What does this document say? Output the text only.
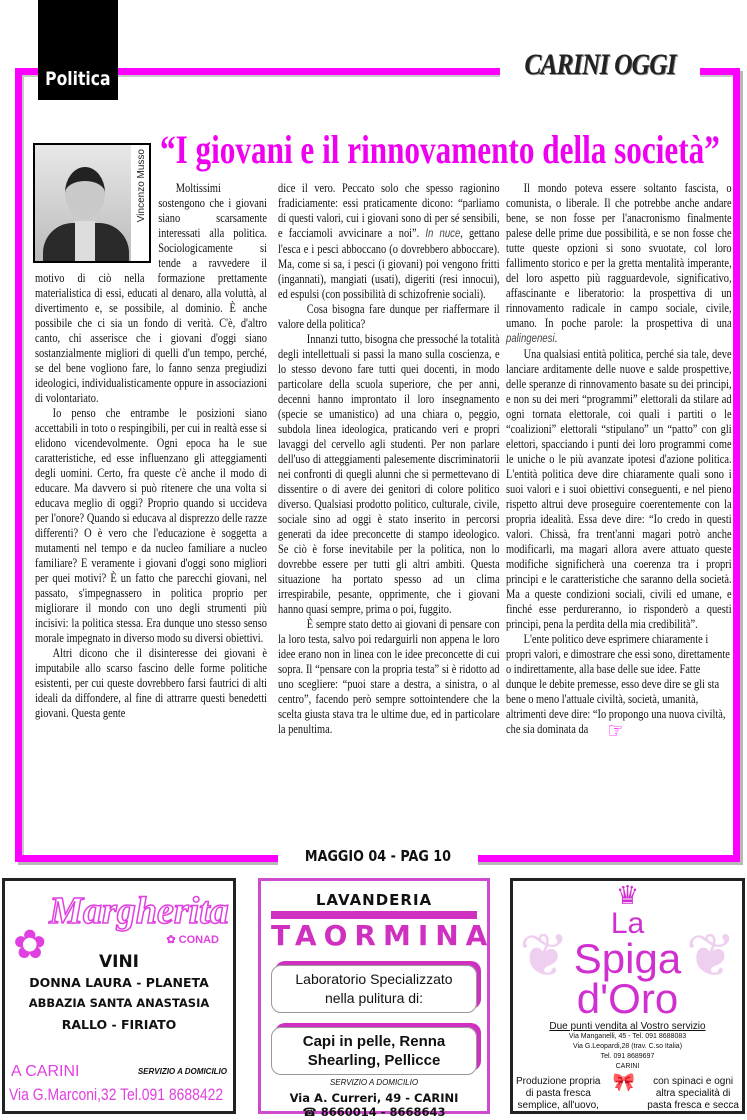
Politica	CARINI OGGI
“I giovani e il rinnovamento della società”
Vincenzo Musso	Moltissimi sostengono che i giovani siano scarsamente interessati alla politica. Sociologicamente si tende a ravvedere il motivo di ciò nella formazione prettamente materialistica di essi, educati al denaro, alla voluttà, al divertimento e, se possibile, al dominio. È anche possibile che ci sia un fondo di verità. C'è, d'altro canto, chi asserisce che i giovani d'oggi siano sostanzialmente migliori di quelli d'un tempo, perché, se del bene vogliono fare, lo fanno senza pregiudizi ideologici, individualisticamente oppure in associazioni di volontariato.

Io penso che entrambe le posizioni siano accettabili in toto o respingibili, per cui in realtà esse si elidono vicendevolmente. Ogni epoca ha le sue caratteristiche, ed esse influenzano gli atteggiamenti degli uomini. Certo, fra queste c'è anche il modo di educare. Ma davvero si può ritenere che una volta si educava meglio di oggi? Proprio quando si uccideva per l'onore? Quando si educava al disprezzo delle razze differenti? O è vero che l'educazione è soggetta a mutamenti nel tempo e da nucleo familiare a nucleo familiare? E veramente i giovani d'oggi sono migliori per quei motivi? È un fatto che parecchi giovani, nel passato, s'impegnassero in politica proprio per migliorare il mondo con uno degli strumenti più incisivi: la politica stessa. Era dunque uno stesso senso morale impegnato in diverso modo su diversi obiettivi.

Altri dicono che il disinteresse dei giovani è imputabile allo scarso fascino delle forme politiche esistenti, per cui queste dovrebbero farsi fautrici di alti ideali da diffondere, al fine di attrarre questi benedetti giovani. Questa gente

dice il vero. Peccato solo che spesso ragionino fradiciamente: essi praticamente dicono: “parliamo di questi valori, cui i giovani sono di per sé sensibili, e facciamoli avvicinare a noi”. In nuce, gettano l'esca e i pesci abboccano (o dovrebbero abboccare). Ma, come si sa, i pesci (i giovani) poi vengono fritti (ingannati), mangiati (usati), digeriti (resi innocui), ed espulsi (con possibilità di schizofrenie sociali).

Cosa bisogna fare dunque per riaffermare il valore della politica?

Innanzi tutto, bisogna che pressoché la totalità degli intellettuali si passi la mano sulla coscienza, e lo stesso devono fare tutti quei docenti, in modo particolare della scuola superiore, che per anni, decenni hanno improntato il loro insegnamento (specie se umanistico) ad una chiara o, peggio, subdola linea ideologica, praticando veri e propri lavaggi del cervello agli studenti. Per non parlare dell'uso di atteggiamenti palesemente discriminatorii nei confronti di quegli alunni che si permettevano di dissentire o di avere dei genitori di colore politico diverso. Qualsiasi prodotto politico, culturale, civile, sociale sino ad oggi è stato inserito in percorsi generati da idee preconcette di stampo ideologico. Se ciò è forse inevitabile per la politica, non lo dovrebbe essere per tutti gli altri ambiti. Questa situazione ha portato spesso ad un clima irrespirabile, pesante, opprimente, che i giovani hanno quasi sempre, prima o poi, fuggito.

È sempre stato detto ai giovani di pensare con la loro testa, salvo poi redarguirli non appena le loro idee erano non in linea con le idee preconcette di cui sopra. Il “pensare con la propria testa” si è ridotto ad uno scegliere: “puoi stare a destra, a sinistra, o al centro”, facendo però sempre sottointendere che la scelta giusta stava tra le ultime due, ed in particolare la penultima.

Il mondo poteva essere soltanto fascista, o comunista, o liberale. Il che potrebbe anche andare bene, se non fosse per l'anacronismo finalmente palese delle prime due possibilità, e se non fosse che tutte queste opzioni si sono svuotate, col loro fallimento storico e per la gretta mentalità imperante, del loro aspetto più ragguardevole, significativo, affascinante e liberatorio: la prospettiva di un rinnovamento radicale in campo sociale, civile, umano. In poche parole: la prospettiva di una palingenesi.

Una qualsiasi entità politica, perché sia tale, deve lanciare arditamente delle nuove e salde prospettive, delle speranze di rinnovamento basate su dei principi, e non su dei meri “programmi” elettorali da stilare ad ogni tornata elettorale, coi quali i partiti o le “coalizioni” elettorali “stipulano” un “patto” con gli elettori, spacciando i punti dei loro programmi come le uniche o le più avanzate ipotesi d'azione politica. L'entità politica deve dire chiaramente quali sono i suoi valori e i suoi obiettivi conseguenti, e nel pieno rispetto altrui deve proseguire coerentemente con la propria idealità. Essa deve dire: “Io credo in questi valori. Chissà, fra trent'anni magari potrò anche modificarli, ma magari allora avere attuato queste modifiche significherà una coerenza tra i propri principi e le caratteristiche che saranno della società. Ma a queste condizioni sociali, civili ed umane, e finché esse perdureranno, io risponderò a questi principi, pena la perdita della mia credibilità”.

L'ente politico deve esprimere chiaramente i propri valori, e dimostrare che essi sono, direttamente o indirettamente, alla base delle sue idee. Fatte dunque le debite premesse, esso deve dire se gli sta bene o meno l'attuale civiltà, società, umanità, altrimenti deve dire: “Io propongo una nuova civiltà, che sia dominata da ☞

MAGGIO 04 - PAG 10
✿
Margherita
✿ CONAD
VINI
DONNA LAURA - PLANETA
ABBAZIA SANTA ANASTASIA
RALLO - FIRIATO
A CARINI	SERVIZIO A DOMICILIO
Via G.Marconi,32 Tel.091 8688422
LAVANDERIA
TAORMINA
Laboratorio Specializzato
nella pulitura di:
Capi in pelle, Renna
Shearling, Pellicce
SERVIZIO A DOMICILIO
Via A. Curreri, 49 - CARINI
☎ 8660014 - 8668643
❦ ❦
♛
La
Spiga
d'Oro
Due punti vendita al Vostro servizio
Via Manganelli, 45 - Tel. 091 8688083
Via G.Leopardi,28 (trav. C.so Italia)
Tel. 091 8689697
CARINI
Produzione propria
di pasta fresca
semplice, all'uovo,
🎀	con spinaci e ogni
altra specialità di
pasta fresca e secca
